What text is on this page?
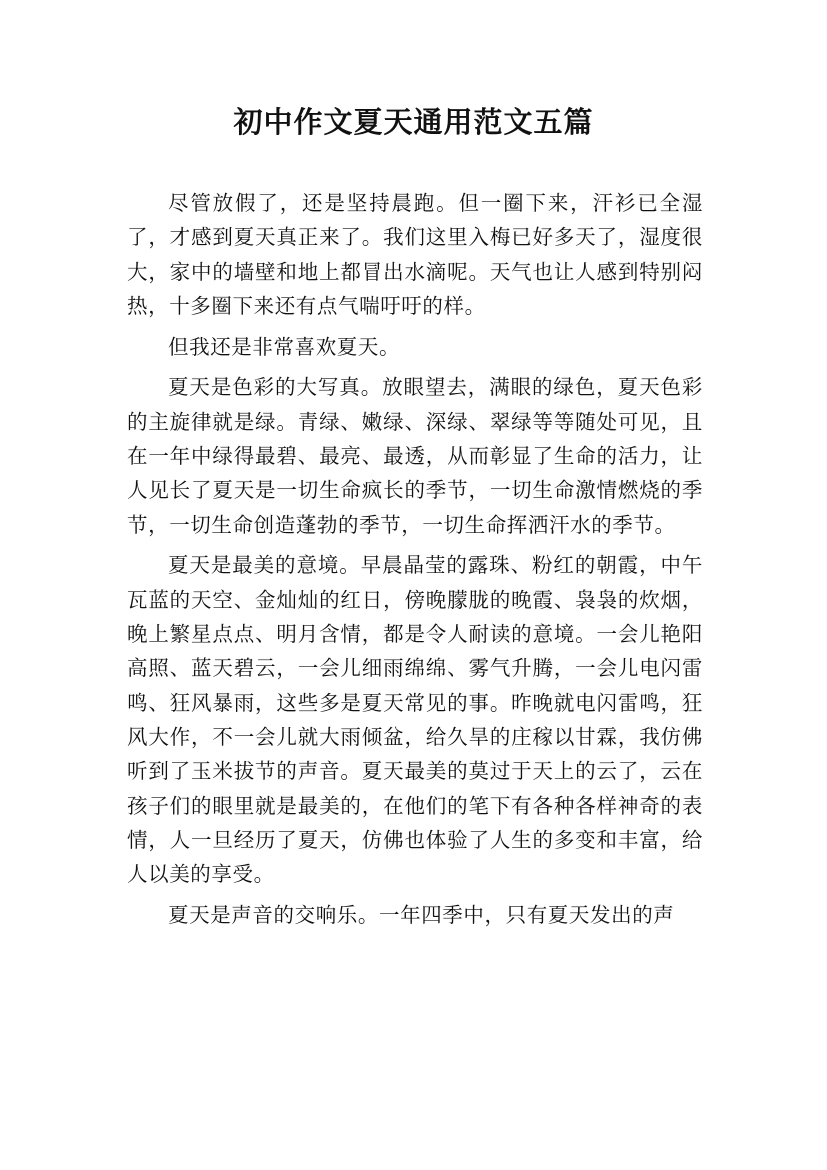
初中作文夏天通用范文五篇

尽管放假了，还是坚持晨跑。但一圈下来，汗衫已全湿了，才感到夏天真正来了。我们这里入梅已好多天了，湿度很大，家中的墙壁和地上都冒出水滴呢。天气也让人感到特别闷热，十多圈下来还有点气喘吁吁的样。

但我还是非常喜欢夏天。

夏天是色彩的大写真。放眼望去，满眼的绿色，夏天色彩的主旋律就是绿。青绿、嫩绿、深绿、翠绿等等随处可见，且在一年中绿得最碧、最亮、最透，从而彰显了生命的活力，让人见长了夏天是一切生命疯长的季节，一切生命激情燃烧的季节，一切生命创造蓬勃的季节，一切生命挥洒汗水的季节。

夏天是最美的意境。早晨晶莹的露珠、粉红的朝霞，中午瓦蓝的天空、金灿灿的红日，傍晚朦胧的晚霞、袅袅的炊烟，晚上繁星点点、明月含情，都是令人耐读的意境。一会儿艳阳高照、蓝天碧云，一会儿细雨绵绵、雾气升腾，一会儿电闪雷鸣、狂风暴雨，这些多是夏天常见的事。昨晚就电闪雷鸣，狂风大作，不一会儿就大雨倾盆，给久旱的庄稼以甘霖，我仿佛听到了玉米拔节的声音。夏天最美的莫过于天上的云了，云在孩子们的眼里就是最美的，在他们的笔下有各种各样神奇的表情，人一旦经历了夏天，仿佛也体验了人生的多变和丰富，给人以美的享受。

夏天是声音的交响乐。一年四季中，只有夏天发出的声
